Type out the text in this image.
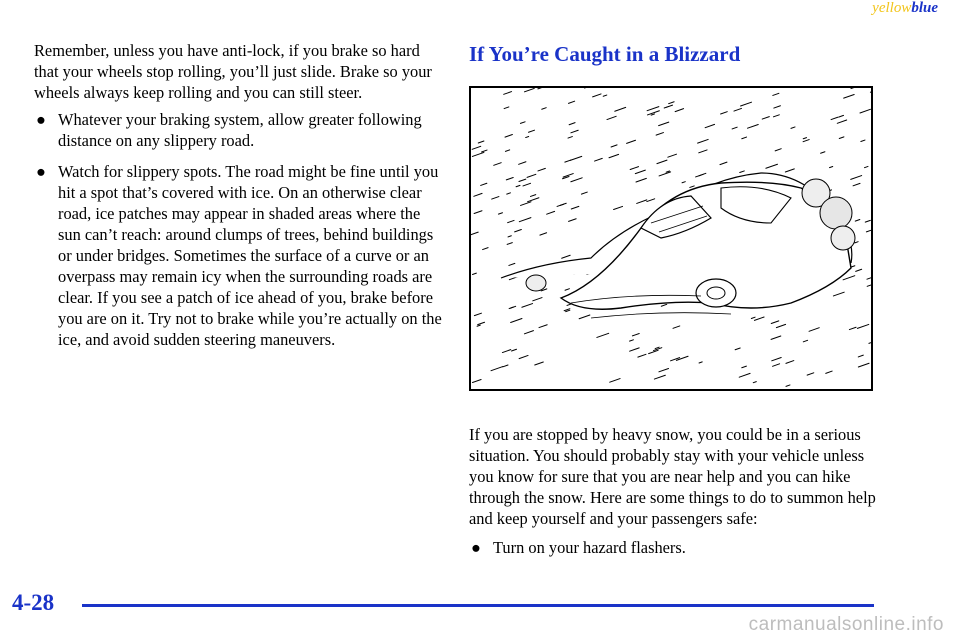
yellowblue

Remember, unless you have anti-lock, if you brake so hard that your wheels stop rolling, you’ll just slide. Brake so your wheels always keep rolling and you can still steer.

● Whatever your braking system, allow greater following distance on any slippery road.
● Watch for slippery spots. The road might be fine until you hit a spot that’s covered with ice. On an otherwise clear road, ice patches may appear in shaded areas where the sun can’t reach: around clumps of trees, behind buildings or under bridges. Sometimes the surface of a curve or an overpass may remain icy when the surrounding roads are clear. If you see a patch of ice ahead of you, brake before you are on it. Try not to brake while you’re actually on the ice, and avoid sudden steering maneuvers.
If You’re Caught in a Blizzard

If you are stopped by heavy snow, you could be in a serious situation. You should probably stay with your vehicle unless you know for sure that you are near help and you can hike through the snow. Here are some things to do to summon help and keep yourself and your passengers safe:

● Turn on your hazard flashers.
4-28
carmanualsonline.info
